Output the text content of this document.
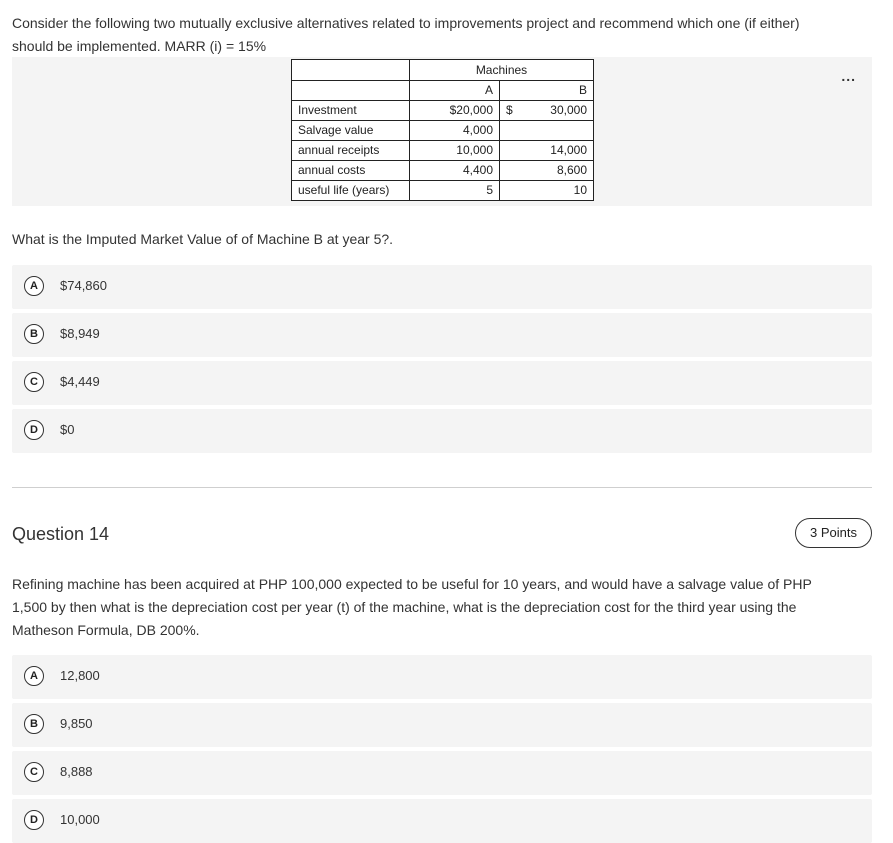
Consider the following two mutually exclusive alternatives related to improvements project and recommend which one (if either)
should be implemented. MARR (i) = 15%
...
	Machines	
	A	B
Investment	$20,000	$ 30,000
Salvage value	4,000	
annual receipts	10,000	14,000
annual costs	4,400	8,600
useful life (years)	5	10
What is the Imputed Market Value of of Machine B at year 5?.
A	$74,860
B	$8,949
C	$4,449
D	$0
Question 14	3 Points
Refining machine has been acquired at PHP 100,000 expected to be useful for 10 years, and would have a salvage value of PHP
1,500 by then what is the depreciation cost per year (t) of the machine, what is the depreciation cost for the third year using the
Matheson Formula, DB 200%.
A	12,800
B	9,850
C	8,888
D	10,000
